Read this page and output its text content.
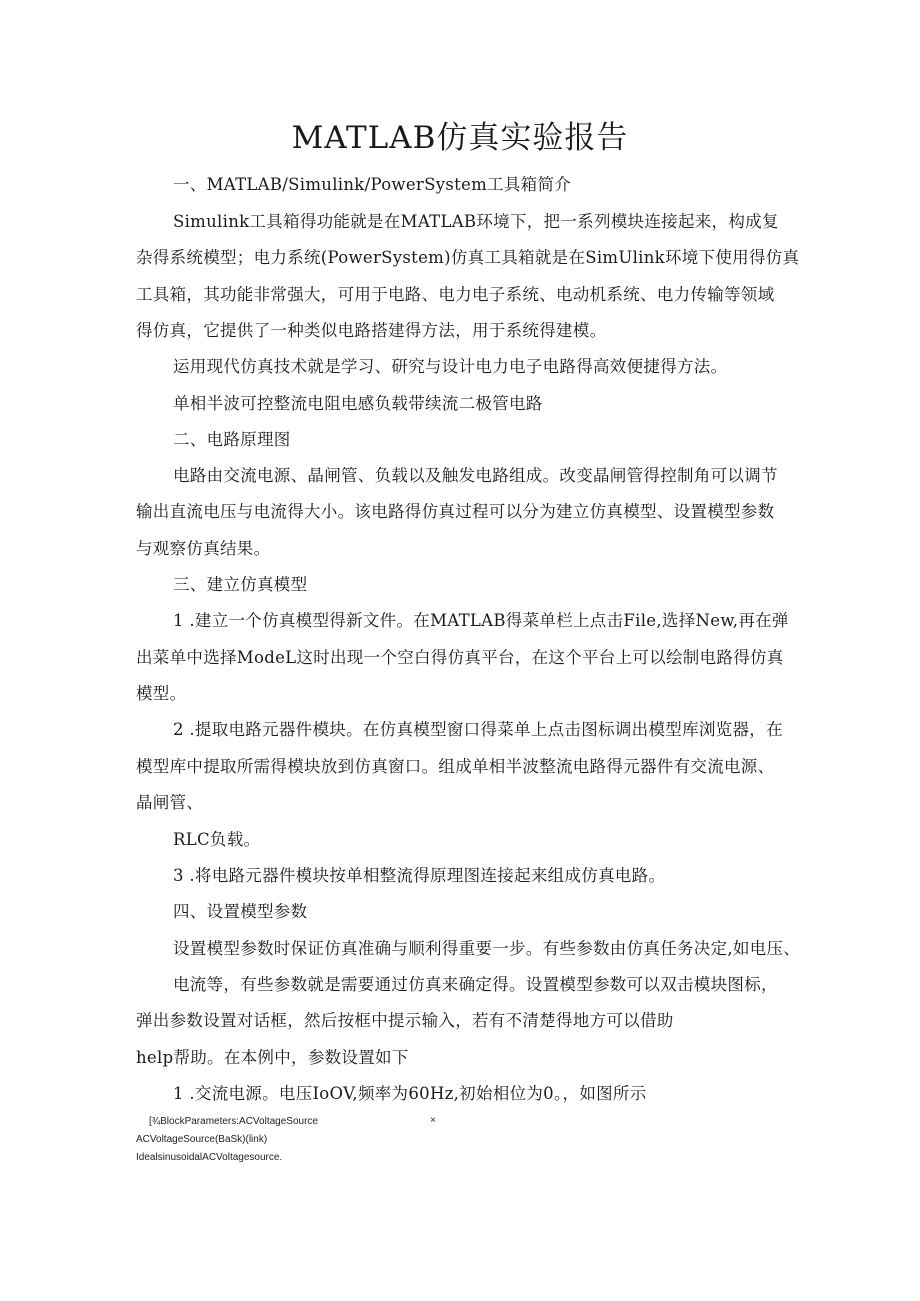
MATLAB仿真实验报告
一、MATLAB/Simulink/PowerSystem工具箱简介
Simulink工具箱得功能就是在MATLAB环境下，把一系列模块连接起来，构成复
杂得系统模型；电力系统(PowerSystem)仿真工具箱就是在SimUlink环境下使用得仿真
工具箱，其功能非常强大，可用于电路、电力电子系统、电动机系统、电力传输等领域
得仿真，它提供了一种类似电路搭建得方法，用于系统得建模。
运用现代仿真技术就是学习、研究与设计电力电子电路得高效便捷得方法。
单相半波可控整流电阻电感负载带续流二极管电路
二、电路原理图
电路由交流电源、晶闸管、负载以及触发电路组成。改变晶闸管得控制角可以调节
输出直流电压与电流得大小。该电路得仿真过程可以分为建立仿真模型、设置模型参数
与观察仿真结果。
三、建立仿真模型
1 .建立一个仿真模型得新文件。在MATLAB得菜单栏上点击File,选择New,再在弹
出菜单中选择ModeL这时出现一个空白得仿真平台，在这个平台上可以绘制电路得仿真
模型。
2 .提取电路元器件模块。在仿真模型窗口得菜单上点击图标调出模型库浏览器，在
模型库中提取所需得模块放到仿真窗口。组成单相半波整流电路得元器件有交流电源、
晶闸管、
RLC负载。
3 .将电路元器件模块按单相整流得原理图连接起来组成仿真电路。
四、设置模型参数
设置模型参数时保证仿真准确与顺利得重要一步。有些参数由仿真任务决定,如电压、
电流等，有些参数就是需要通过仿真来确定得。设置模型参数可以双击模块图标，
弹出参数设置对话框，然后按框中提示输入，若有不清楚得地方可以借助
help帮助。在本例中，参数设置如下
1 .交流电源。电压IoOV,频率为60Hz,初始相位为0。，如图所示
[¾BlockParameters:ACVoltageSource	×
ACVoltageSource(BaSk)(link)
IdealsinusoidalACVoltagesource.
